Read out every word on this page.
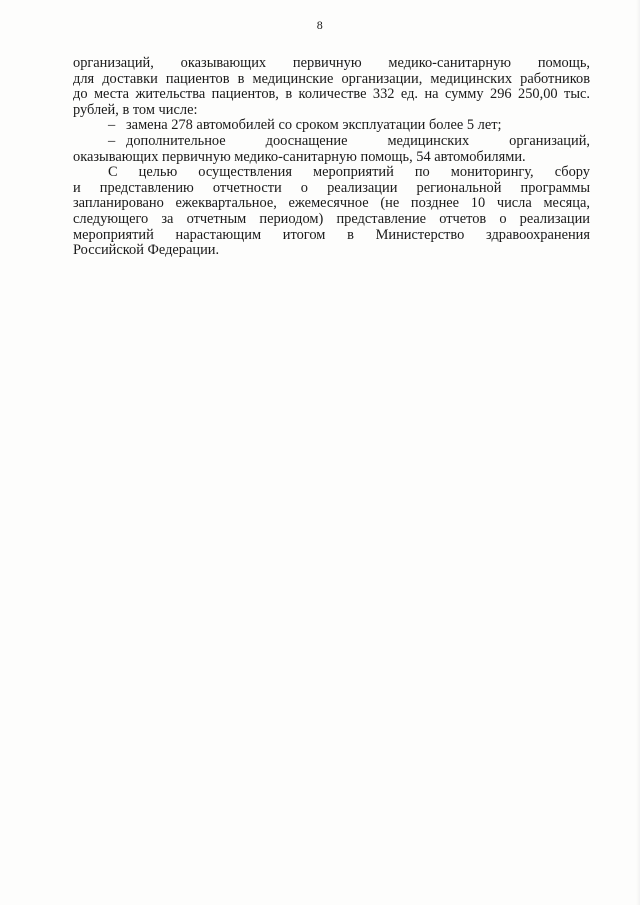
8
организаций, оказывающих первичную медико-санитарную помощь,
для доставки пациентов в медицинские организации, медицинских работников
до места жительства пациентов, в количестве 332 ед. на сумму 296 250,00 тыс.
рублей, в том числе:
– замена 278 автомобилей со сроком эксплуатации более 5 лет;
– дополнительное дооснащение медицинских организаций,
оказывающих первичную медико-санитарную помощь, 54 автомобилями.
С целью осуществления мероприятий по мониторингу, сбору
и представлению отчетности о реализации региональной программы
запланировано ежеквартальное, ежемесячное (не позднее 10 числа месяца,
следующего за отчетным периодом) представление отчетов о реализации
мероприятий нарастающим итогом в Министерство здравоохранения
Российской Федерации.
